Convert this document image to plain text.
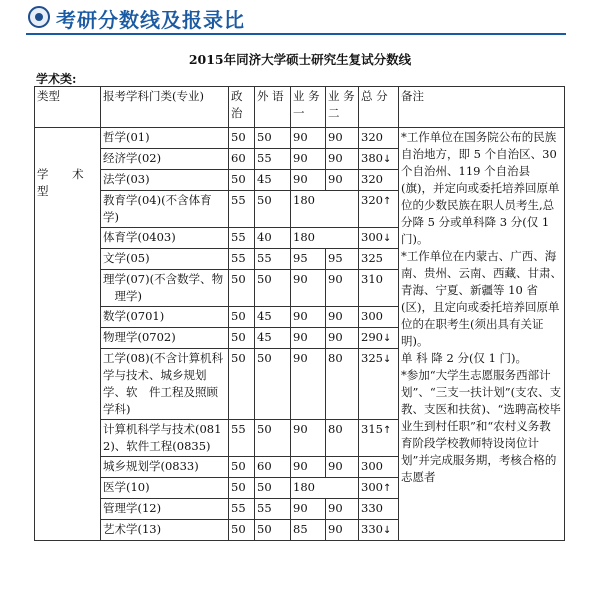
考研分数线及报录比
2015年同济大学硕士研究生复试分数线
学术类:
类型	报考学科门类(专业)	政治	外 语	业 务 一	业 务 二	总 分	备注
学 术 型	哲学(01)	50	50	90	90	320	*工作单位在国务院公布的民族自治地方，即 5 个自治区、30 个自治州、119 个自治县(旗)，并定向或委托培养回原单位的少数民族在职人员考生,总分降 5 分或单科降 3 分(仅 1 门)。
*工作单位在内蒙古、广西、海南、贵州、云南、西藏、甘肃、青海、宁夏、新疆等 10 省(区)，且定向或委托培养回原单位的在职考生(须出具有关证明)。
单 科 降 2 分(仅 1 门)。
*参加“大学生志愿服务西部计划”、“三支一扶计划”(支农、支教、支医和扶贫)、“选聘高校毕业生到村任职”和“农村义务教育阶段学校教师特设岗位计划”并完成服务期，考核合格的志愿者

	经济学(02)	60	55	90	90	380↓	
	法学(03)	50	45	90	90	320	
	教育学(04)(不含体育学)	55	50	180		320↑	
	体育学(0403)	55	40	180		300↓	
	文学(05)	55	55	95	95	325	
	理学(07)(不含数学、物
　理学)	50	50	90	90	310	
	数学(0701)	50	45	90	90	300	
	物理学(0702)	50	45	90	90	290↓	
	工学(08)(不含计算机科学与技术、城乡规划学、软　件工程及照顾学科)	50	50	90	80	325↓	
	计算机科学与技术(0812)、软件工程(0835)	55	50	90	80	315↑	
	城乡规划学(0833)	50	60	90	90	300	
	医学(10)	50	50	180		300↑	
	管理学(12)	55	55	90	90	330	
	艺术学(13)	50	50	85	90	330↓	
